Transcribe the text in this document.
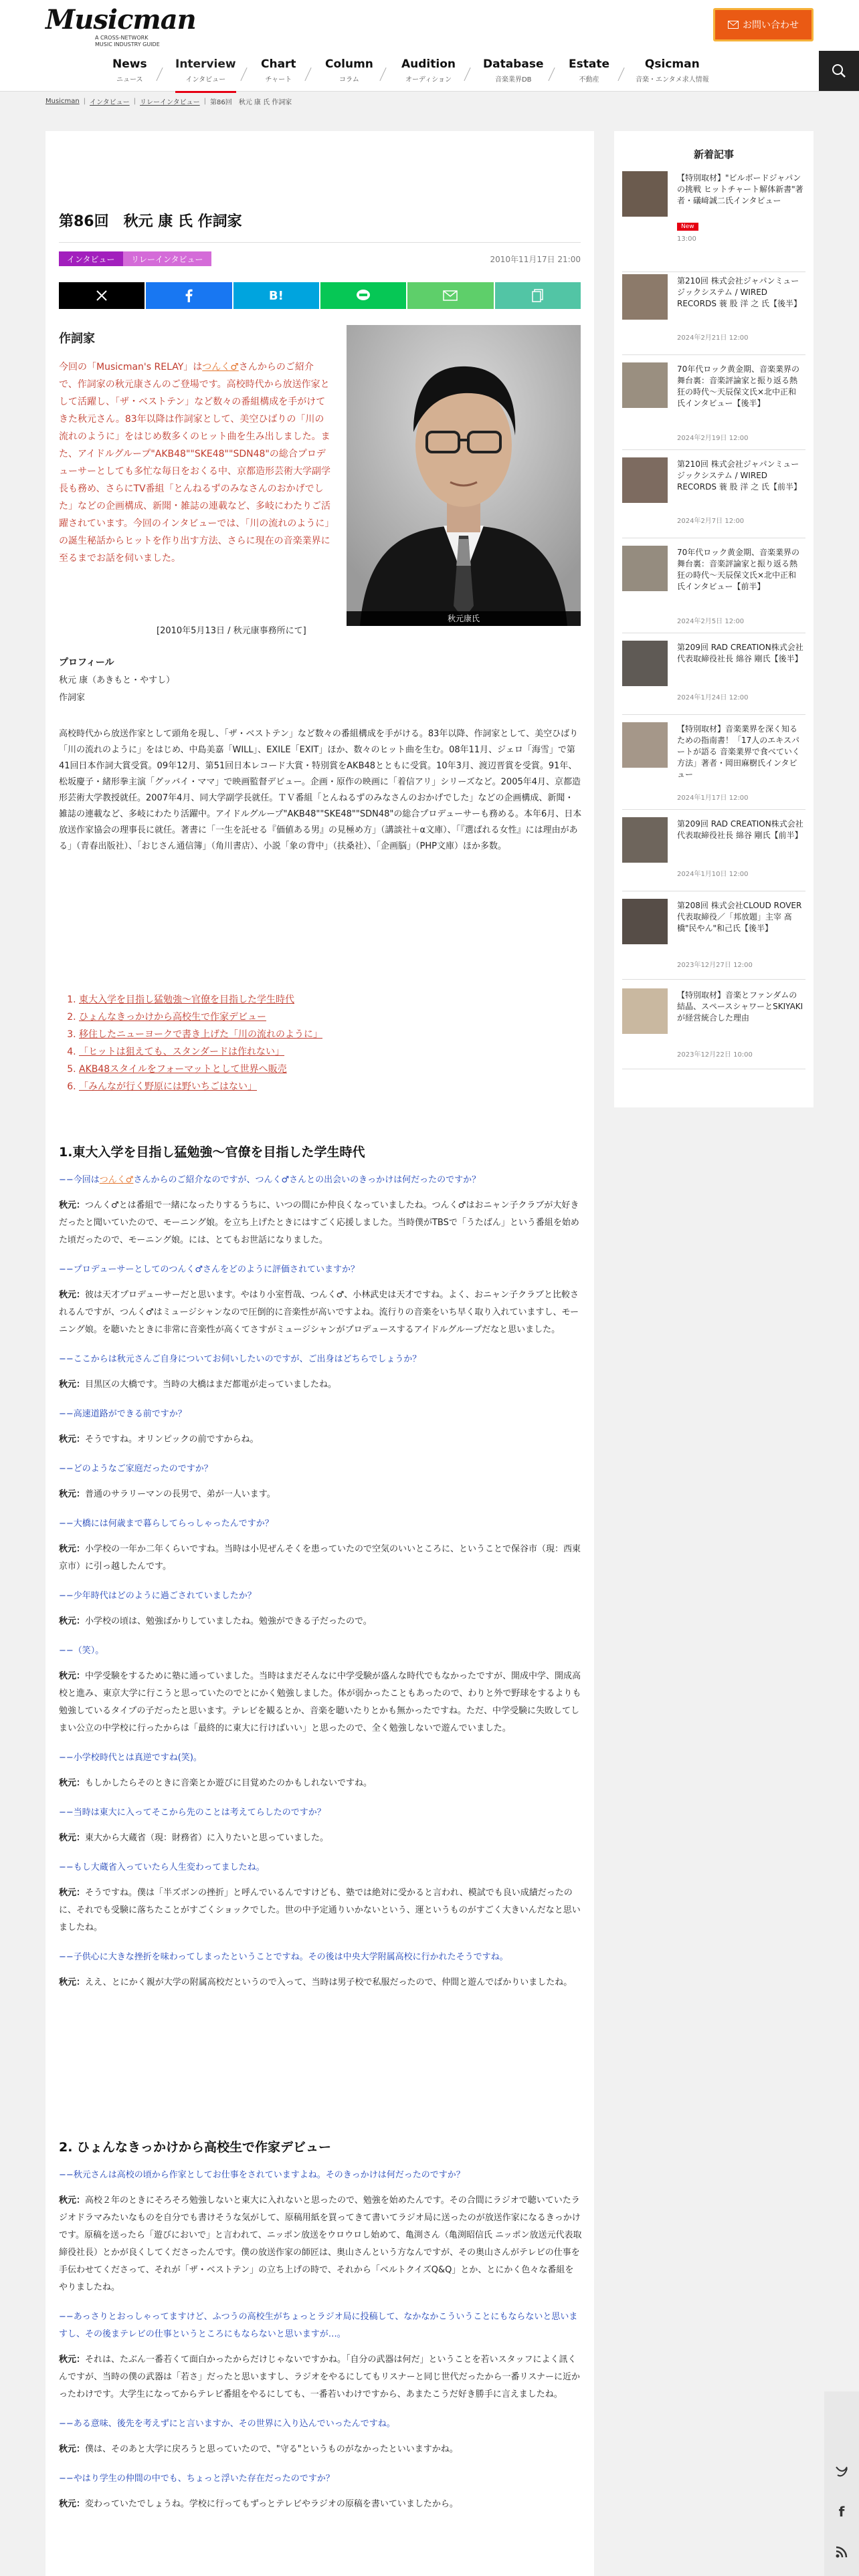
Musicman
A CROSS-NETWORK MUSIC INDUSTRY GUIDE
お問い合わせ
News
ニュース
Interview
インタビュー
Chart
チャート
Column
コラム
Audition
オーディション
Database
音楽業界DB
Estate
不動産
Qsicman
音楽・エンタメ求人情報
Musicman | インタビュー | リレーインタビュー | 第86回　秋元 康 氏 作詞家
第86回　秋元 康 氏 作詞家
インタビュー	リレーインタビュー	2010年11月17日 21:00
B!
作詞家
今回の「Musicman's RELAY」はつんく♂さんからのご紹介で、作詞家の秋元康さんのご登場です。高校時代から放送作家として活躍し、「ザ・ベストテン」など数々の番組構成を手がけてきた秋元さん。83年以降は作詞家として、美空ひばりの「川の流れのように」をはじめ数多くのヒット曲を生み出しました。また、アイドルグループ"AKB48""SKE48""SDN48"の総合プロデューサーとしても多忙な毎日をおくる中、京都造形芸術大学副学長も務め、さらにTV番組「とんねるずのみなさんのおかげでした」などの企画構成、新聞・雑誌の連載など、多岐にわたりご活躍されています。今回のインタビューでは、「川の流れのように」の誕生秘話からヒットを作り出す方法、さらに現在の音楽業界に至るまでお話を伺いました。
秋元康氏
[2010年5月13日 / 秋元康事務所にて]
プロフィール
秋元 康（あきもと・やすし）
作詞家
高校時代から放送作家として頭角を現し、「ザ・ベストテン」など数々の番組構成を手がける。83年以降、作詞家として、美空ひばり「川の流れのように」をはじめ、中島美嘉「WILL」、EXILE「EXIT」ほか、数々のヒット曲を生む。08年11月、ジェロ「海雪」で第41回日本作詞大賞受賞。09年12月、第51回日本レコード大賞・特別賞をAKB48とともに受賞。10年3月、渡辺晋賞を受賞。91年、松坂慶子・緒形拳主演「グッバイ・ママ」で映画監督デビュー。企画・原作の映画に「着信アリ」シリーズなど。2005年4月、京都造形芸術大学教授就任。2007年4月、同大学副学長就任。ＴＶ番組「とんねるずのみなさんのおかげでした」などの企画構成、新聞・雑誌の連載など、多岐にわたり活躍中。アイドルグループ"AKB48""SKE48""SDN48"の総合プロデューサーも務める。本年6月、日本放送作家協会の理事長に就任。著書に「一生を託せる『価値ある男』の見極め方」（講談社＋α文庫）、「『選ばれる女性』には理由がある」（青春出版社）、「おじさん通信簿」（角川書店）、小説「象の背中」（扶桑社）、「企画脳」（PHP文庫）ほか多数。
1. 東大入学を目指し猛勉強〜官僚を目指した学生時代
2. ひょんなきっかけから高校生で作家デビュー
3. 移住したニューヨークで書き上げた「川の流れのように」
4. 「ヒットは狙えても、スタンダードは作れない」
5. AKB48スタイルをフォーマットとして世界へ販売
6. 「みんなが行く野原には野いちごはない」
1.東大入学を目指し猛勉強〜官僚を目指した学生時代

−−今回はつんく♂さんからのご紹介なのですが、つんく♂さんとの出会いのきっかけは何だったのですか？

秋元：つんく♂とは番組で一緒になったりするうちに、いつの間にか仲良くなっていましたね。つんく♂はおニャン子クラブが大好きだったと聞いていたので、モーニング娘。を立ち上げたときにはすごく応援しました。当時僕がTBSで「うたばん」という番組を始めた頃だったので、モーニング娘。には、とてもお世話になりました。

−−プロデューサーとしてのつんく♂さんをどのように評価されていますか？

秋元：彼は天才プロデューサーだと思います。やはり小室哲哉、つんく♂、小林武史は天才ですね。よく、おニャン子クラブと比較されるんですが、つんく♂はミュージシャンなので圧倒的に音楽性が高いですよね。流行りの音楽をいち早く取り入れていますし、モーニング娘。を聴いたときに非常に音楽性が高くてさすがミュージシャンがプロデュースするアイドルグループだなと思いました。

−−ここからは秋元さんご自身についてお伺いしたいのですが、ご出身はどちらでしょうか？

秋元：目黒区の大橋です。当時の大橋はまだ都電が走っていましたね。

−−高速道路ができる前ですか？

秋元：そうですね。オリンピックの前ですからね。

−−どのようなご家庭だったのですか？

秋元：普通のサラリーマンの長男で、弟が一人います。

−−大橋には何歳まで暮らしてらっしゃったんですか？

秋元：小学校の一年か二年くらいですね。当時は小児ぜんそくを患っていたので空気のいいところに、ということで保谷市（現：西東京市）に引っ越したんです。

−−少年時代はどのように過ごされていましたか？

秋元：小学校の頃は、勉強ばかりしていましたね。勉強ができる子だったので。

−−（笑）。

秋元：中学受験をするために塾に通っていました。当時はまだそんなに中学受験が盛んな時代でもなかったですが、開成中学、開成高校と進み、東京大学に行こうと思っていたのでとにかく勉強しました。体が弱かったこともあったので、わりと外で野球をするよりも勉強しているタイプの子だったと思います。テレビを観るとか、音楽を聴いたりとかも無かったですね。ただ、中学受験に失敗してしまい公立の中学校に行ったからは「最終的に東大に行けばいい」と思ったので、全く勉強しないで遊んでいました。

−−小学校時代とは真逆ですね(笑)。

秋元：もしかしたらそのときに音楽とか遊びに目覚めたのかもしれないですね。

−−当時は東大に入ってそこから先のことは考えてらしたのですか？

秋元：東大から大蔵省（現：財務省）に入りたいと思っていました。

−−もし大蔵省入っていたら人生変わってましたね。

秋元：そうですね。僕は「半ズボンの挫折」と呼んでいるんですけども、塾では絶対に受かると言われ、模試でも良い成績だったのに、それでも受験に落ちたことがすごくショックでした。世の中予定通りいかないという、運というものがすごく大きいんだなと思いましたね。

−−子供心に大きな挫折を味わってしまったということですね。その後は中央大学附属高校に行かれたそうですね。

秋元：ええ、とにかく親が大学の附属高校だというので入って、当時は男子校で私服だったので、仲間と遊んでばかりいましたね。

2. ひょんなきっかけから高校生で作家デビュー

−−秋元さんは高校の頃から作家としてお仕事をされていますよね。そのきっかけは何だったのですか？

秋元：高校２年のときにそろそろ勉強しないと東大に入れないと思ったので、勉強を始めたんです。その合間にラジオで聴いていたラジオドラマみたいなものを自分でも書けそうな気がして、原稿用紙を買ってきて書いてラジオ局に送ったのが放送作家になるきっかけです。原稿を送ったら「遊びにおいで」と言われて、ニッポン放送をウロウロし始めて、亀渕さん（亀渕昭信氏 ニッポン放送元代表取締役社長）とかが良くしてくださったんです。僕の放送作家の師匠は、奥山さんという方なんですが、その奥山さんがテレビの仕事を手伝わせてくださって、それが「ザ・ベストテン」の立ち上げの時で、それから「ベルトクイズQ&Q」とか、とにかく色々な番組をやりましたね。

−−あっさりとおっしゃってますけど、ふつうの高校生がちょっとラジオ局に投稿して、なかなかこういうことにもならないと思いますし、その後まテレビの仕事というところにもならないと思いますが…。

秋元：それは、たぶん一番若くて面白かったからだけじゃないですかね。「自分の武器は何だ」ということを若いスタッフによく訊くんですが、当時の僕の武器は「若さ」だったと思いますし、ラジオをやるにしてもリスナーと同じ世代だったから一番リスナーに近かったわけです。大学生になってからテレビ番組をやるにしても、一番若いわけですから、あまたこうだ好き勝手に言えましたね。

−−ある意味、後先を考えずにと言いますか、その世界に入り込んでいったんですね。

秋元：僕は、そのあと大学に戻ろうと思っていたので、"守る"というものがなかったといいますかね。

−−やはり学生の仲間の中でも、ちょっと浮いた存在だったのですか？

秋元：変わっていたでしょうね。学校に行ってもずっとテレビやラジオの原稿を書いていましたから。

新着記事
【特別取材】"ビルボードジャパンの挑戦 ヒットチャート解体新書"著者・礒﨑誠二氏インタビュー
New
13:00
第210回 株式会社ジャパンミュージックシステム / WIRED RECORDS 蓑 股 洋 之 氏【後半】
2024年2月21日 12:00
70年代ロック黄金期、音楽業界の舞台裏：音楽評論家と振り返る熱狂の時代〜天辰保文氏×北中正和氏インタビュー【後半】
2024年2月19日 12:00
第210回 株式会社ジャパンミュージックシステム / WIRED RECORDS 蓑 股 洋 之 氏【前半】
2024年2月7日 12:00
70年代ロック黄金期、音楽業界の舞台裏：音楽評論家と振り返る熱狂の時代〜天辰保文氏×北中正和氏インタビュー【前半】
2024年2月5日 12:00
第209回 RAD CREATION株式会社 代表取締役社長 綿谷 剛氏【後半】
2024年1月24日 12:00
【特別取材】音楽業界を深く知るための指南書！「17人のエキスパートが語る 音楽業界で食べていく方法」著者・岡田麻樹氏インタビュー
2024年1月17日 12:00
第209回 RAD CREATION株式会社 代表取締役社長 綿谷 剛氏【前半】
2024年1月10日 12:00
第208回 株式会社CLOUD ROVER 代表取締役／「邦放題」主宰 髙橋"民やん"和己氏【後半】
2023年12月27日 12:00
【特別取材】音楽とファンダムの結晶、スペースシャワーとSKIYAKIが経営統合した理由
2023年12月22日 10:00
f
